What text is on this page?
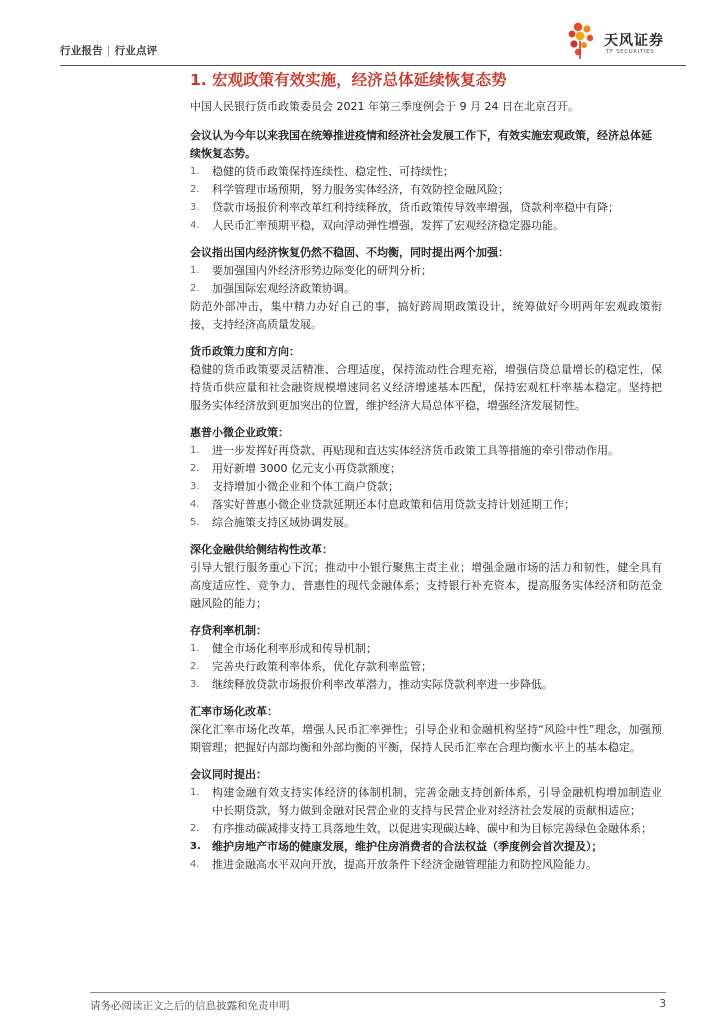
行业报告 | 行业点评
天风证券
TF SECURITIES
1. 宏观政策有效实施，经济总体延续恢复态势
中国人民银行货币政策委员会 2021 年第三季度例会于 9 月 24 日在北京召开。

会议认为今年以来我国在统筹推进疫情和经济社会发展工作下，有效实施宏观政策，经济总体延续恢复态势。

1. 稳健的货币政策保持连续性、稳定性、可持续性；
2. 科学管理市场预期，努力服务实体经济，有效防控金融风险；
3. 贷款市场报价利率改革红利持续释放，货币政策传导效率增强，贷款利率稳中有降；
4. 人民币汇率预期平稳，双向浮动弹性增强，发挥了宏观经济稳定器功能。

会议指出国内经济恢复仍然不稳固、不均衡，同时提出两个加强：

1. 要加强国内外经济形势边际变化的研判分析；
2. 加强国际宏观经济政策协调。

防范外部冲击，集中精力办好自己的事，搞好跨周期政策设计，统筹做好今明两年宏观政策衔接，支持经济高质量发展。

货币政策力度和方向：

稳健的货币政策要灵活精准、合理适度，保持流动性合理充裕，增强信贷总量增长的稳定性，保持货币供应量和社会融资规模增速同名义经济增速基本匹配，保持宏观杠杆率基本稳定。坚持把服务实体经济放到更加突出的位置，维护经济大局总体平稳，增强经济发展韧性。

惠普小微企业政策：

1. 进一步发挥好再贷款、再贴现和直达实体经济货币政策工具等措施的牵引带动作用。
2. 用好新增 3000 亿元支小再贷款额度；
3. 支持增加小微企业和个体工商户贷款；
4. 落实好普惠小微企业贷款延期还本付息政策和信用贷款支持计划延期工作；
5. 综合施策支持区域协调发展。

深化金融供给侧结构性改革：

引导大银行服务重心下沉；推动中小银行聚焦主责主业；增强金融市场的活力和韧性，健全具有高度适应性、竞争力、普惠性的现代金融体系；支持银行补充资本，提高服务实体经济和防范金融风险的能力；

存贷利率机制：

1. 健全市场化利率形成和传导机制；
2. 完善央行政策利率体系，优化存款利率监管；
3. 继续释放贷款市场报价利率改革潜力，推动实际贷款利率进一步降低。

汇率市场化改革：

深化汇率市场化改革，增强人民币汇率弹性；引导企业和金融机构坚持“风险中性”理念，加强预期管理；把握好内部均衡和外部均衡的平衡，保持人民币汇率在合理均衡水平上的基本稳定。

会议同时提出：

1. 构建金融有效支持实体经济的体制机制，完善金融支持创新体系，引导金融机构增加制造业中长期贷款，努力做到金融对民营企业的支持与民营企业对经济社会发展的贡献相适应；
2. 有序推动碳减排支持工具落地生效，以促进实现碳达峰、碳中和为目标完善绿色金融体系；
3. 维护房地产市场的健康发展，维护住房消费者的合法权益（季度例会首次提及）；
4. 推进金融高水平双向开放，提高开放条件下经济金融管理能力和防控风险能力。
请务必阅读正文之后的信息披露和免责申明	3
